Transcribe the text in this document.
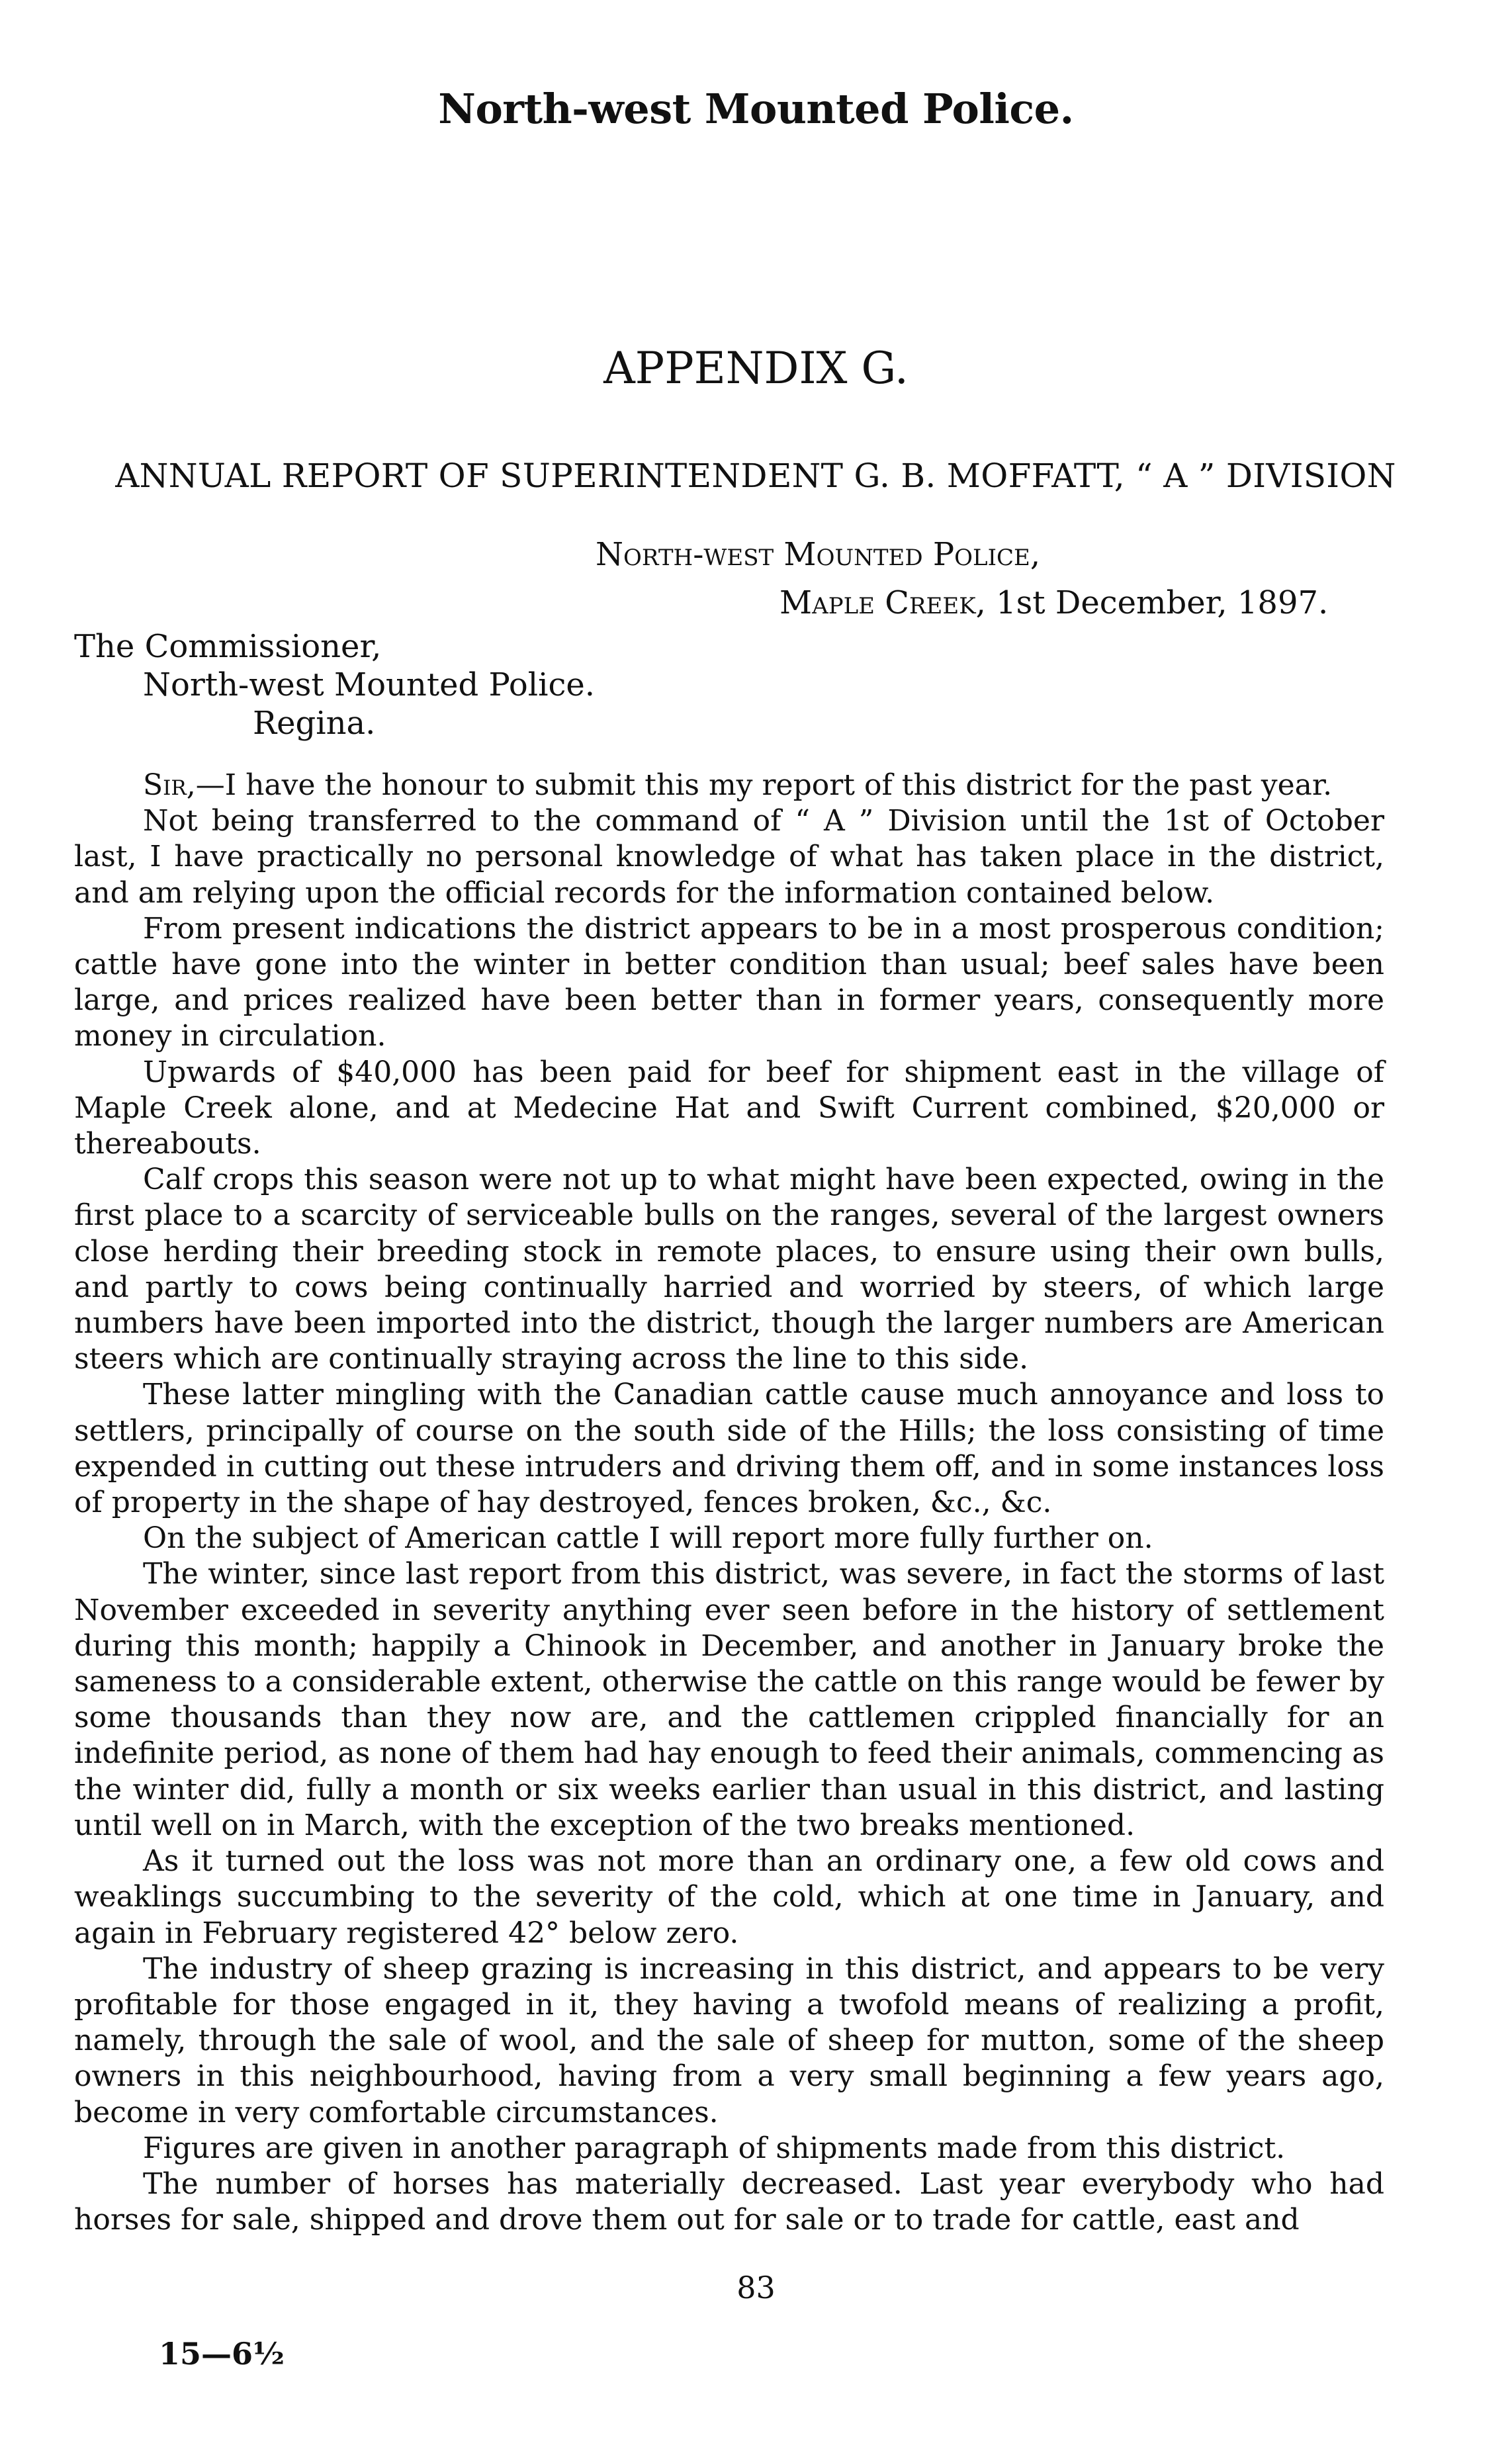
North-west Mounted Police.
APPENDIX G.
ANNUAL REPORT OF SUPERINTENDENT G. B. MOFFATT, “ A ” DIVISION
North-west Mounted Police,
Maple Creek, 1st December, 1897.
The Commissioner,
North-west Mounted Police.
Regina.

Sir,—I have the honour to submit this my report of this district for the past year.

Not being transferred to the command of “ A ” Division until the 1st of October last, I have practically no personal knowledge of what has taken place in the district, and am relying upon the official records for the information contained below.

From present indications the district appears to be in a most prosperous condition; cattle have gone into the winter in better condition than usual; beef sales have been large, and prices realized have been better than in former years, consequently more money in circulation.

Upwards of $40,000 has been paid for beef for shipment east in the village of Maple Creek alone, and at Medecine Hat and Swift Current combined, $20,000 or thereabouts.

Calf crops this season were not up to what might have been expected, owing in the first place to a scarcity of serviceable bulls on the ranges, several of the largest owners close herding their breeding stock in remote places, to ensure using their own bulls, and partly to cows being continually harried and worried by steers, of which large numbers have been imported into the district, though the larger numbers are American steers which are continually straying across the line to this side.

These latter mingling with the Canadian cattle cause much annoyance and loss to settlers, principally of course on the south side of the Hills; the loss consisting of time expended in cutting out these intruders and driving them off, and in some instances loss of property in the shape of hay destroyed, fences broken, &c., &c.

On the subject of American cattle I will report more fully further on.

The winter, since last report from this district, was severe, in fact the storms of last November exceeded in severity anything ever seen before in the history of settlement during this month; happily a Chinook in December, and another in January broke the sameness to a considerable extent, otherwise the cattle on this range would be fewer by some thousands than they now are, and the cattlemen crippled financially for an indefinite period, as none of them had hay enough to feed their animals, commencing as the winter did, fully a month or six weeks earlier than usual in this district, and lasting until well on in March, with the exception of the two breaks mentioned.

As it turned out the loss was not more than an ordinary one, a few old cows and weaklings succumbing to the severity of the cold, which at one time in January, and again in February registered 42° below zero.

The industry of sheep grazing is increasing in this district, and appears to be very profitable for those engaged in it, they having a twofold means of realizing a profit, namely, through the sale of wool, and the sale of sheep for mutton, some of the sheep owners in this neighbourhood, having from a very small beginning a few years ago, become in very comfortable circumstances.

Figures are given in another paragraph of shipments made from this district.

The number of horses has materially decreased. Last year everybody who had horses for sale, shipped and drove them out for sale or to trade for cattle, east and

83
15—6½
